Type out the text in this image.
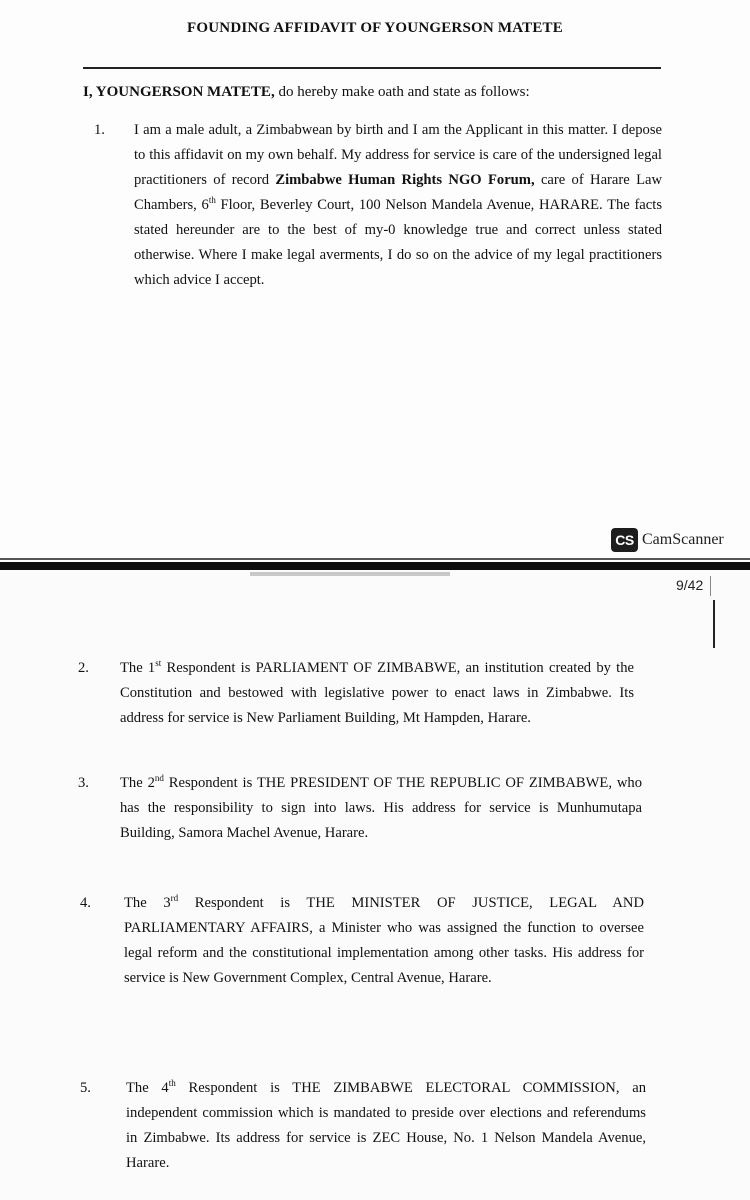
FOUNDING AFFIDAVIT OF YOUNGERSON MATETE
I, YOUNGERSON MATETE, do hereby make oath and state as follows:
1. I am a male adult, a Zimbabwean by birth and I am the Applicant in this matter. I depose to this affidavit on my own behalf. My address for service is care of the undersigned legal practitioners of record Zimbabwe Human Rights NGO Forum, care of Harare Law Chambers, 6th Floor, Beverley Court, 100 Nelson Mandela Avenue, HARARE. The facts stated hereunder are to the best of my-0 knowledge true and correct unless stated otherwise. Where I make legal averments, I do so on the advice of my legal practitioners which advice I accept.
CS CamScanner
9/42
2. The 1st Respondent is PARLIAMENT OF ZIMBABWE, an institution created by the Constitution and bestowed with legislative power to enact laws in Zimbabwe. Its address for service is New Parliament Building, Mt Hampden, Harare.
3. The 2nd Respondent is THE PRESIDENT OF THE REPUBLIC OF ZIMBABWE, who has the responsibility to sign into laws. His address for service is Munhumutapa Building, Samora Machel Avenue, Harare.
4. The 3rd Respondent is THE MINISTER OF JUSTICE, LEGAL AND PARLIAMENTARY AFFAIRS, a Minister who was assigned the function to oversee legal reform and the constitutional implementation among other tasks. His address for service is New Government Complex, Central Avenue, Harare.
5. The 4th Respondent is THE ZIMBABWE ELECTORAL COMMISSION, an independent commission which is mandated to preside over elections and referendums in Zimbabwe. Its address for service is ZEC House, No. 1 Nelson Mandela Avenue, Harare.
